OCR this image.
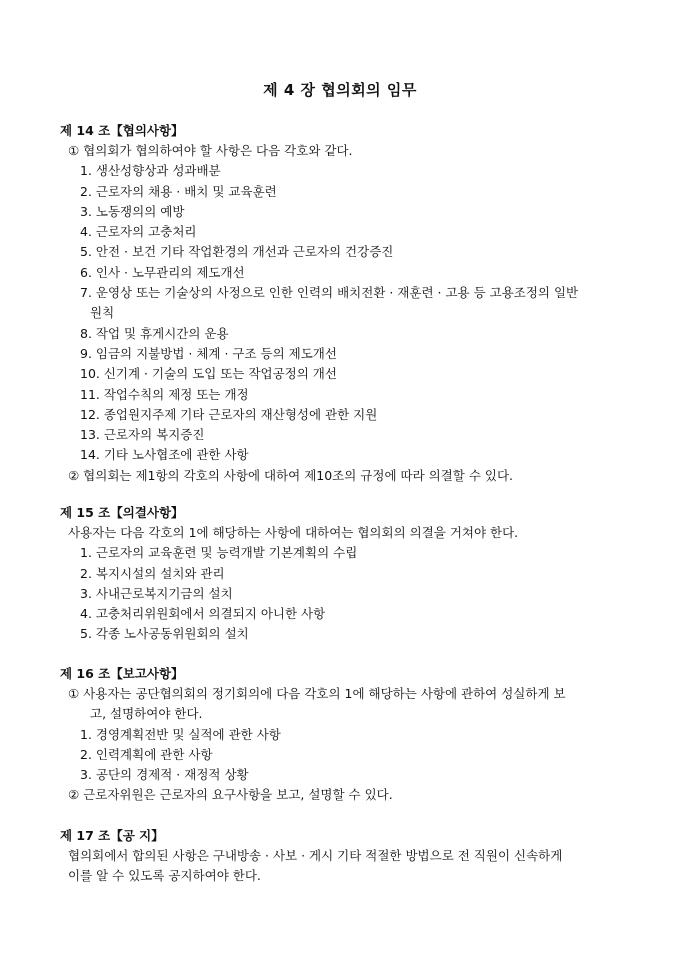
제 4 장 협의회의 임무
제 14 조【협의사항】
① 협의회가 협의하여야 할 사항은 다음 각호와 같다.
1. 생산성향상과 성과배분
2. 근로자의 채용 · 배치 및 교육훈련
3. 노동쟁의의 예방
4. 근로자의 고충처리
5. 안전 · 보건 기타 작업환경의 개선과 근로자의 건강증진
6. 인사 · 노무관리의 제도개선
7. 운영상 또는 기술상의 사정으로 인한 인력의 배치전환 · 재훈련 · 고용 등 고용조정의 일반
원칙
8. 작업 및 휴게시간의 운용
9. 임금의 지불방법 · 체계 · 구조 등의 제도개선
10. 신기계 · 기술의 도입 또는 작업공정의 개선
11. 작업수칙의 제정 또는 개정
12. 종업원지주제 기타 근로자의 재산형성에 관한 지원
13. 근로자의 복지증진
14. 기타 노사협조에 관한 사항
② 협의회는 제1항의 각호의 사항에 대하여 제10조의 규정에 따라 의결할 수 있다.
제 15 조【의결사항】
사용자는 다음 각호의 1에 해당하는 사항에 대하여는 협의회의 의결을 거쳐야 한다.
1. 근로자의 교육훈련 및 능력개발 기본계획의 수립
2. 복지시설의 설치와 관리
3. 사내근로복지기금의 설치
4. 고충처리위원회에서 의결되지 아니한 사항
5. 각종 노사공동위원회의 설치
제 16 조【보고사항】
① 사용자는 공단협의회의 정기회의에 다음 각호의 1에 해당하는 사항에 관하여 성실하게 보
고, 설명하여야 한다.
1. 경영계획전반 및 실적에 관한 사항
2. 인력계획에 관한 사항
3. 공단의 경제적 · 재정적 상황
② 근로자위원은 근로자의 요구사항을 보고, 설명할 수 있다.
제 17 조【공 지】
협의회에서 합의된 사항은 구내방송 · 사보 · 게시 기타 적절한 방법으로 전 직원이 신속하게
이를 알 수 있도록 공지하여야 한다.
